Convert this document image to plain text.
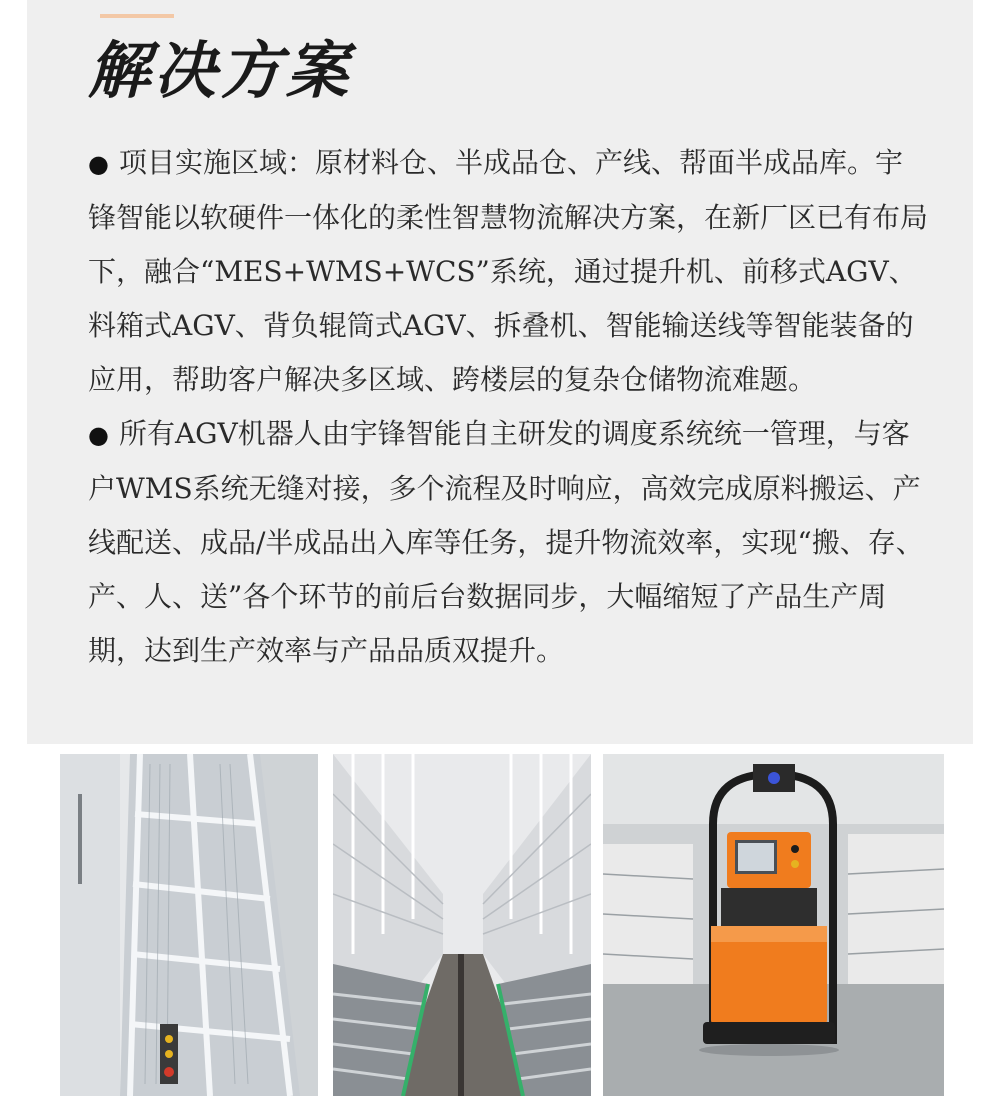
解决方案

● 项目实施区域：原材料仓、半成品仓、产线、帮面半成品库。宇锋智能以软硬件一体化的柔性智慧物流解决方案，在新厂区已有布局下，融合“MES+WMS+WCS”系统，通过提升机、前移式AGV、料箱式AGV、背负辊筒式AGV、拆叠机、智能输送线等智能装备的应用，帮助客户解决多区域、跨楼层的复杂仓储物流难题。

● 所有AGV机器人由宇锋智能自主研发的调度系统统一管理，与客户WMS系统无缝对接，多个流程及时响应，高效完成原料搬运、产线配送、成品/半成品出入库等任务，提升物流效率，实现“搬、存、产、人、送”各个环节的前后台数据同步，大幅缩短了产品生产周期，达到生产效率与产品品质双提升。
